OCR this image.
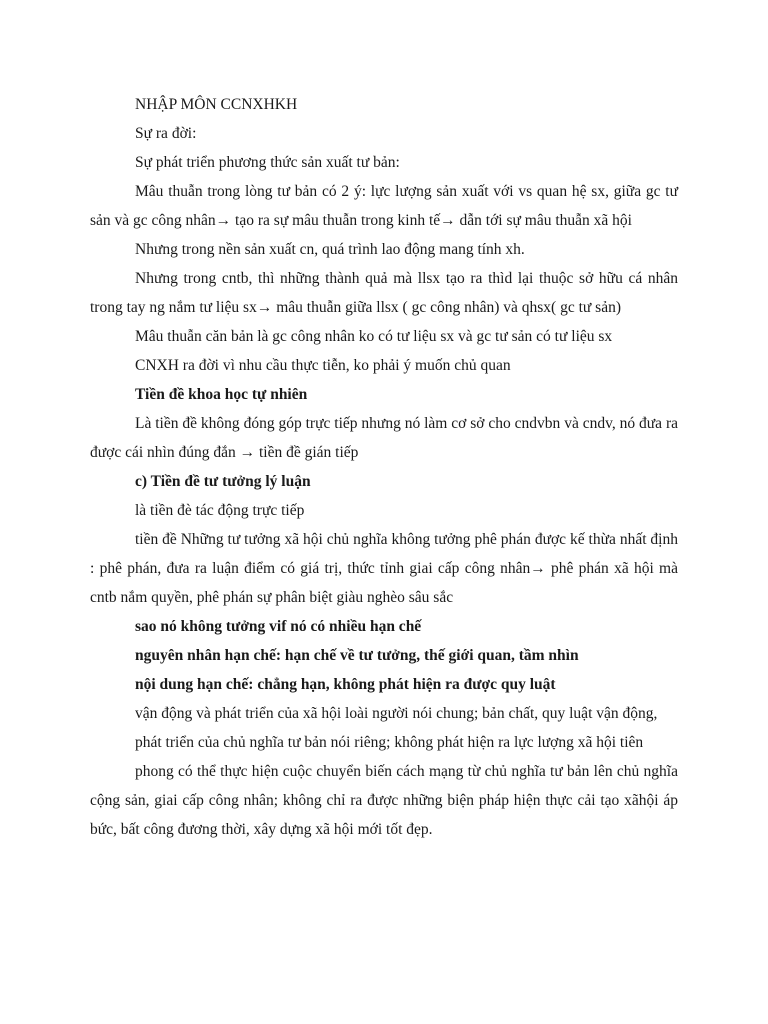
NHẬP MÔN CCNXHKH

Sự ra đời:

Sự phát triển phương thức sản xuất tư bản:

Mâu thuẫn trong lòng tư bản có 2 ý: lực lượng sản xuất với vs quan hệ sx, giữa gc tư sản và gc công nhân→ tạo ra sự mâu thuẫn trong kinh tế→ dẫn tới sự mâu thuẫn xã hội

Nhưng trong nền sản xuất cn, quá trình lao động mang tính xh.

Nhưng trong cntb, thì những thành quả mà llsx tạo ra thìd lại thuộc sở hữu cá nhân trong tay ng nắm tư liệu sx→ mâu thuẫn giữa llsx ( gc công nhân) và qhsx( gc tư sản)

Mâu thuẫn căn bản là gc công nhân ko có tư liệu sx và gc tư sản có tư liệu sx

CNXH ra đời vì nhu cầu thực tiễn, ko phải ý muốn chủ quan

Tiền đề khoa học tự nhiên

Là tiền đề không đóng góp trực tiếp nhưng nó làm cơ sở cho cndvbn và cndv, nó đưa ra được cái nhìn đúng đắn → tiền đề gián tiếp

c) Tiền đề tư tưởng lý luận

là tiền đè tác động trực tiếp

tiền đề Những tư tưởng xã hội chủ nghĩa không tưởng phê phán được kế thừa nhất định : phê phán, đưa ra luận điểm có giá trị, thức tỉnh giai cấp công nhân→ phê phán xã hội mà cntb nắm quyền, phê phán sự phân biệt giàu nghèo sâu sắc

sao nó không tưởng vif nó có nhiều hạn chế

nguyên nhân hạn chế: hạn chế về tư tưởng, thế giới quan, tầm nhìn

nội dung hạn chế: chẳng hạn, không phát hiện ra được quy luật

vận động và phát triển của xã hội loài người nói chung; bản chất, quy luật vận động,

phát triển của chủ nghĩa tư bản nói riêng; không phát hiện ra lực lượng xã hội tiên

phong có thể thực hiện cuộc chuyển biến cách mạng từ chủ nghĩa tư bản lên chủ nghĩa cộng sản, giai cấp công nhân; không chỉ ra được những biện pháp hiện thực cải tạo xãhội áp bức, bất công đương thời, xây dựng xã hội mới tốt đẹp.
